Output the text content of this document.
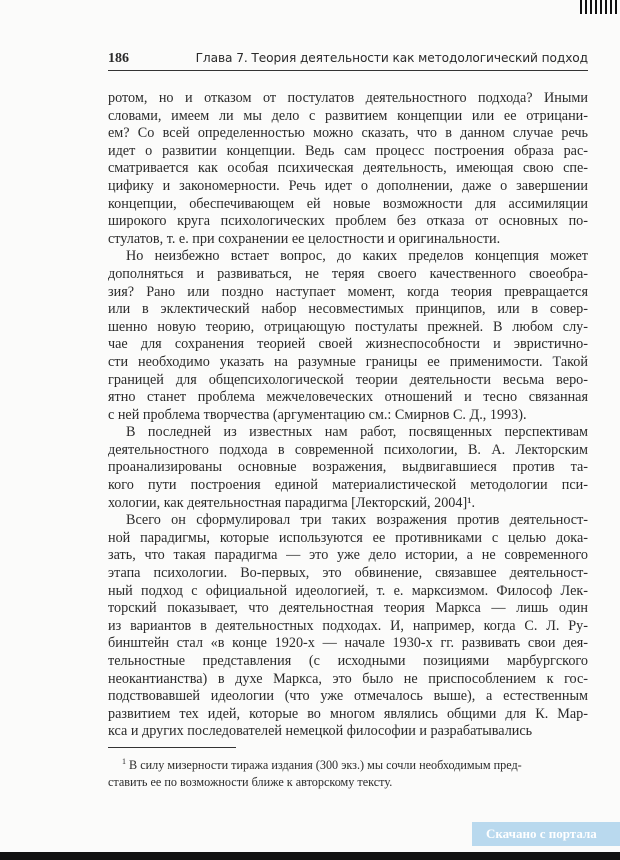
186	Глава 7. Теория деятельности как методологический подход
ротом, но и отказом от постулатов деятельностного подхода? Иными
словами, имеем ли мы дело с развитием концепции или ее отрицани-
ем? Со всей определенностью можно сказать, что в данном случае речь
идет о развитии концепции. Ведь сам процесс построения образа рас-
сматривается как особая психическая деятельность, имеющая свою спе-
цифику и закономерности. Речь идет о дополнении, даже о завершении
концепции, обеспечивающем ей новые возможности для ассимиляции
широкого круга психологических проблем без отказа от основных по-
стулатов, т. е. при сохранении ее целостности и оригинальности.
Но неизбежно встает вопрос, до каких пределов концепция может
дополняться и развиваться, не теряя своего качественного своеобра-
зия? Рано или поздно наступает момент, когда теория превращается
или в эклектический набор несовместимых принципов, или в совер-
шенно новую теорию, отрицающую постулаты прежней. В любом слу-
чае для сохранения теорией своей жизнеспособности и эвристично-
сти необходимо указать на разумные границы ее применимости. Такой
границей для общепсихологической теории деятельности весьма веро-
ятно станет проблема межчеловеческих отношений и тесно связанная
с ней проблема творчества (аргументацию см.: Смирнов С. Д., 1993).
В последней из известных нам работ, посвященных перспективам
деятельностного подхода в современной психологии, В. А. Лекторским
проанализированы основные возражения, выдвигавшиеся против та-
кого пути построения единой материалистической методологии пси-
хологии, как деятельностная парадигма [Лекторский, 2004]¹.
Всего он сформулировал три таких возражения против деятельност-
ной парадигмы, которые используются ее противниками с целью дока-
зать, что такая парадигма — это уже дело истории, а не современного
этапа психологии. Во-первых, это обвинение, связавшее деятельност-
ный подход с официальной идеологией, т. е. марксизмом. Философ Лек-
торский показывает, что деятельностная теория Маркса — лишь один
из вариантов в деятельностных подходах. И, например, когда С. Л. Ру-
бинштейн стал «в конце 1920-х — начале 1930-х гг. развивать свои дея-
тельностные представления (с исходными позициями марбургского
неокантианства) в духе Маркса, это было не приспособлением к гос-
подствовавшей идеологии (что уже отмечалось выше), а естественным
развитием тех идей, которые во многом являлись общими для К. Мар-
кса и других последователей немецкой философии и разрабатывались
$^1$ В силу мизерности тиража издания (300 экз.) мы сочли необходимым пред-
ставить ее по возможности ближе к авторскому тексту.
Скачано с портала
